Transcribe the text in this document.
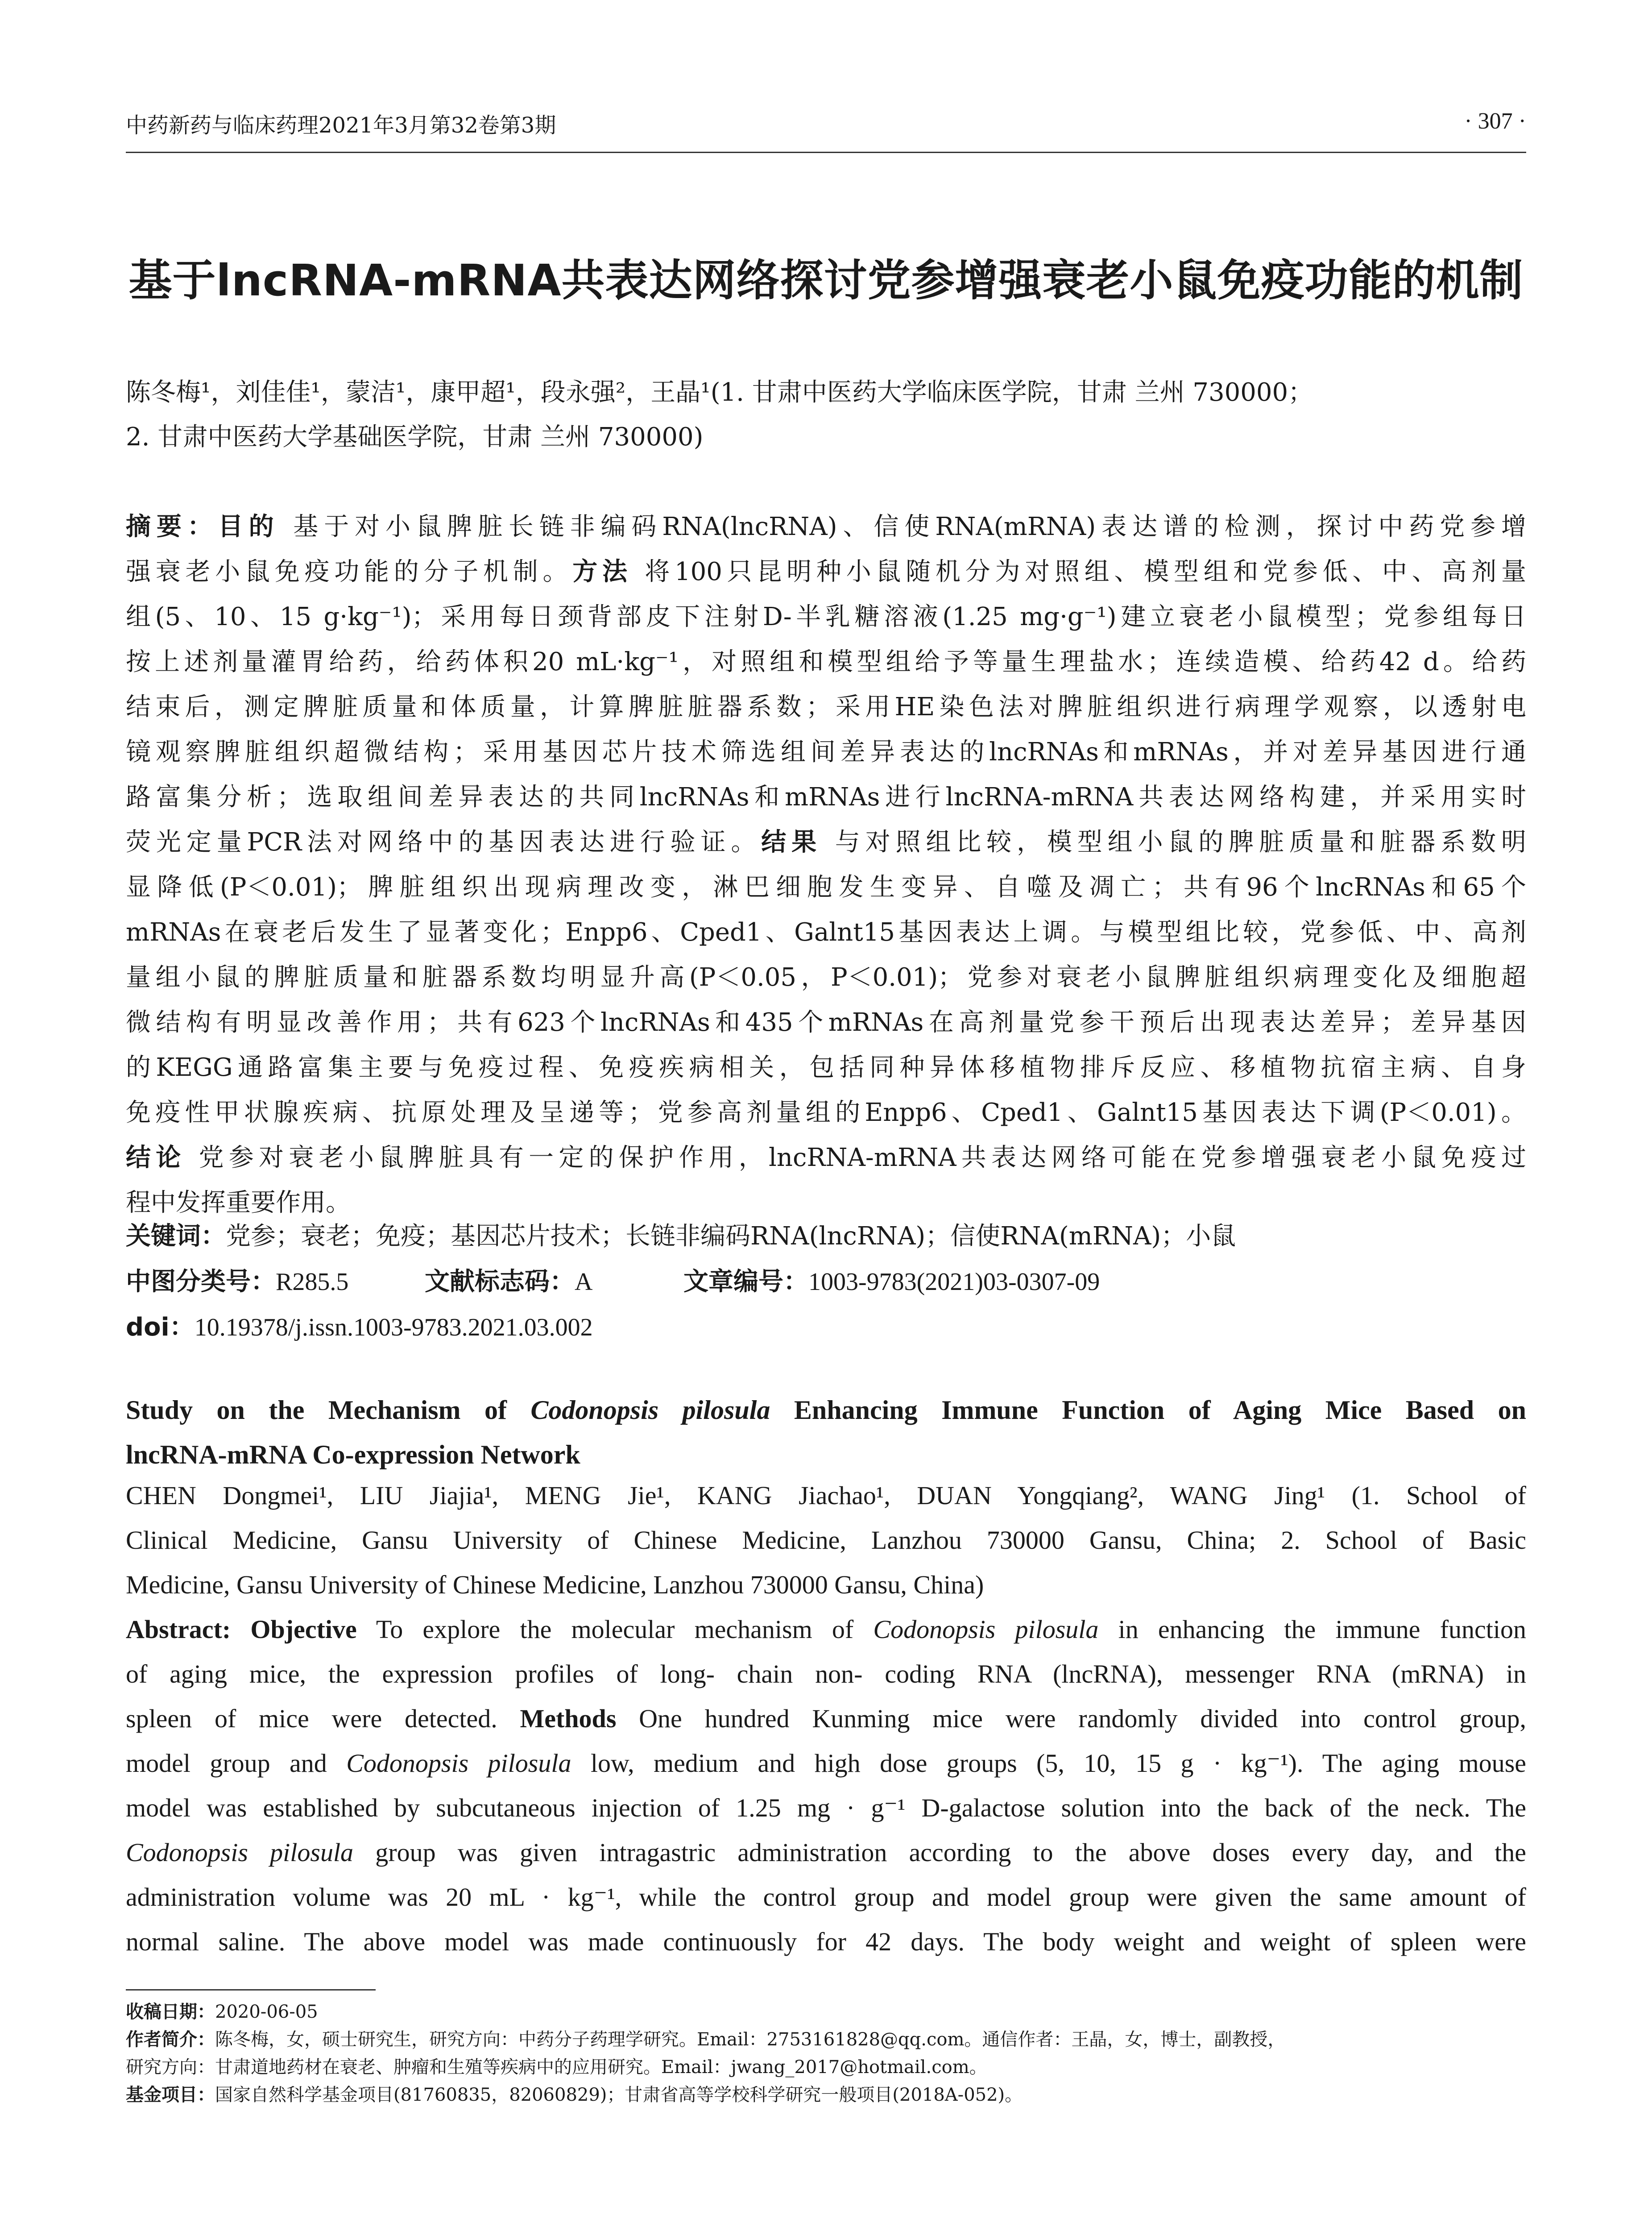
中药新药与临床药理2021年3月第32卷第3期	· 307 ·
基于lncRNA-mRNA共表达网络探讨党参增强衰老小鼠免疫功能的机制
陈冬梅¹，刘佳佳¹，蒙洁¹，康甲超¹，段永强²，王晶¹(1. 甘肃中医药大学临床医学院，甘肃 兰州 730000；
2. 甘肃中医药大学基础医学院，甘肃 兰州 730000)
摘要：目的 基于对小鼠脾脏长链非编码RNA(lncRNA)、信使RNA(mRNA)表达谱的检测，探讨中药党参增
强衰老小鼠免疫功能的分子机制。方法 将100只昆明种小鼠随机分为对照组、模型组和党参低、中、高剂量
组(5、10、15 g·kg⁻¹)；采用每日颈背部皮下注射D-半乳糖溶液(1.25 mg·g⁻¹)建立衰老小鼠模型；党参组每日
按上述剂量灌胃给药，给药体积20 mL·kg⁻¹，对照组和模型组给予等量生理盐水；连续造模、给药42 d。给药
结束后，测定脾脏质量和体质量，计算脾脏脏器系数；采用HE染色法对脾脏组织进行病理学观察，以透射电
镜观察脾脏组织超微结构；采用基因芯片技术筛选组间差异表达的lncRNAs和mRNAs，并对差异基因进行通
路富集分析；选取组间差异表达的共同lncRNAs和mRNAs进行lncRNA-mRNA共表达网络构建，并采用实时
荧光定量PCR法对网络中的基因表达进行验证。结果 与对照组比较，模型组小鼠的脾脏质量和脏器系数明
显降低(P＜0.01)；脾脏组织出现病理改变，淋巴细胞发生变异、自噬及凋亡；共有96个lncRNAs和65个
mRNAs在衰老后发生了显著变化；Enpp6、Cped1、Galnt15基因表达上调。与模型组比较，党参低、中、高剂
量组小鼠的脾脏质量和脏器系数均明显升高(P＜0.05，P＜0.01)；党参对衰老小鼠脾脏组织病理变化及细胞超
微结构有明显改善作用；共有623个lncRNAs和435个mRNAs在高剂量党参干预后出现表达差异；差异基因
的KEGG通路富集主要与免疫过程、免疫疾病相关，包括同种异体移植物排斥反应、移植物抗宿主病、自身
免疫性甲状腺疾病、抗原处理及呈递等；党参高剂量组的Enpp6、Cped1、Galnt15基因表达下调(P＜0.01)。
结论 党参对衰老小鼠脾脏具有一定的保护作用，lncRNA-mRNA共表达网络可能在党参增强衰老小鼠免疫过
程中发挥重要作用。
关键词：党参；衰老；免疫；基因芯片技术；长链非编码RNA(lncRNA)；信使RNA(mRNA)；小鼠
中图分类号：R285.5	文献标志码：A	文章编号：1003-9783(2021)03-0307-09
doi：10.19378/j.issn.1003-9783.2021.03.002
Study on the Mechanism of Codonopsis pilosula Enhancing Immune Function of Aging Mice Based on
lncRNA-mRNA Co-expression Network
CHEN Dongmei¹, LIU Jiajia¹, MENG Jie¹, KANG Jiachao¹, DUAN Yongqiang², WANG Jing¹ (1. School of
Clinical Medicine, Gansu University of Chinese Medicine, Lanzhou 730000 Gansu, China; 2. School of Basic
Medicine, Gansu University of Chinese Medicine, Lanzhou 730000 Gansu, China)
Abstract: Objective To explore the molecular mechanism of Codonopsis pilosula in enhancing the immune function
of aging mice, the expression profiles of long- chain non- coding RNA (lncRNA), messenger RNA (mRNA) in
spleen of mice were detected. Methods One hundred Kunming mice were randomly divided into control group,
model group and Codonopsis pilosula low, medium and high dose groups (5, 10, 15 g · kg⁻¹). The aging mouse
model was established by subcutaneous injection of 1.25 mg · g⁻¹ D-galactose solution into the back of the neck. The
Codonopsis pilosula group was given intragastric administration according to the above doses every day, and the
administration volume was 20 mL · kg⁻¹, while the control group and model group were given the same amount of
normal saline. The above model was made continuously for 42 days. The body weight and weight of spleen were
收稿日期：2020-06-05
作者简介：陈冬梅，女，硕士研究生，研究方向：中药分子药理学研究。Email：2753161828@qq.com。通信作者：王晶，女，博士，副教授，
研究方向：甘肃道地药材在衰老、肿瘤和生殖等疾病中的应用研究。Email：jwang_2017@hotmail.com。
基金项目：国家自然科学基金项目(81760835，82060829)；甘肃省高等学校科学研究一般项目(2018A-052)。
